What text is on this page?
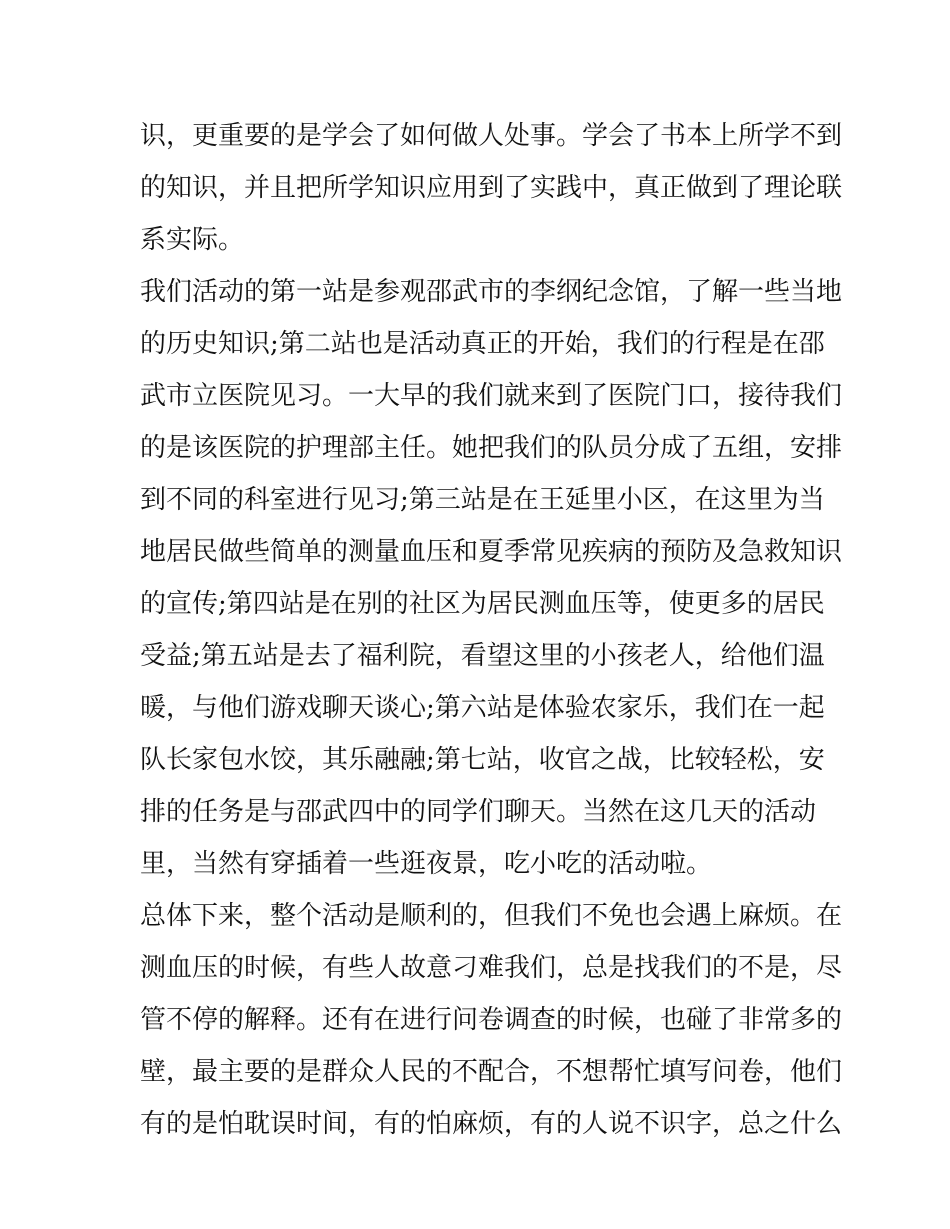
识，更重要的是学会了如何做人处事。学会了书本上所学不到
的知识，并且把所学知识应用到了实践中，真正做到了理论联
系实际。
我们活动的第一站是参观邵武市的李纲纪念馆，了解一些当地
的历史知识;第二站也是活动真正的开始，我们的行程是在邵
武市立医院见习。一大早的我们就来到了医院门口，接待我们
的是该医院的护理部主任。她把我们的队员分成了五组，安排
到不同的科室进行见习;第三站是在王延里小区，在这里为当
地居民做些简单的测量血压和夏季常见疾病的预防及急救知识
的宣传;第四站是在别的社区为居民测血压等，使更多的居民
受益;第五站是去了福利院，看望这里的小孩老人，给他们温
暖，与他们游戏聊天谈心;第六站是体验农家乐，我们在一起
队长家包水饺，其乐融融;第七站，收官之战，比较轻松，安
排的任务是与邵武四中的同学们聊天。当然在这几天的活动
里，当然有穿插着一些逛夜景，吃小吃的活动啦。
总体下来，整个活动是顺利的，但我们不免也会遇上麻烦。在
测血压的时候，有些人故意刁难我们，总是找我们的不是，尽
管不停的解释。还有在进行问卷调查的时候，也碰了非常多的
壁，最主要的是群众人民的不配合，不想帮忙填写问卷，他们
有的是怕耽误时间，有的怕麻烦，有的人说不识字，总之什么
